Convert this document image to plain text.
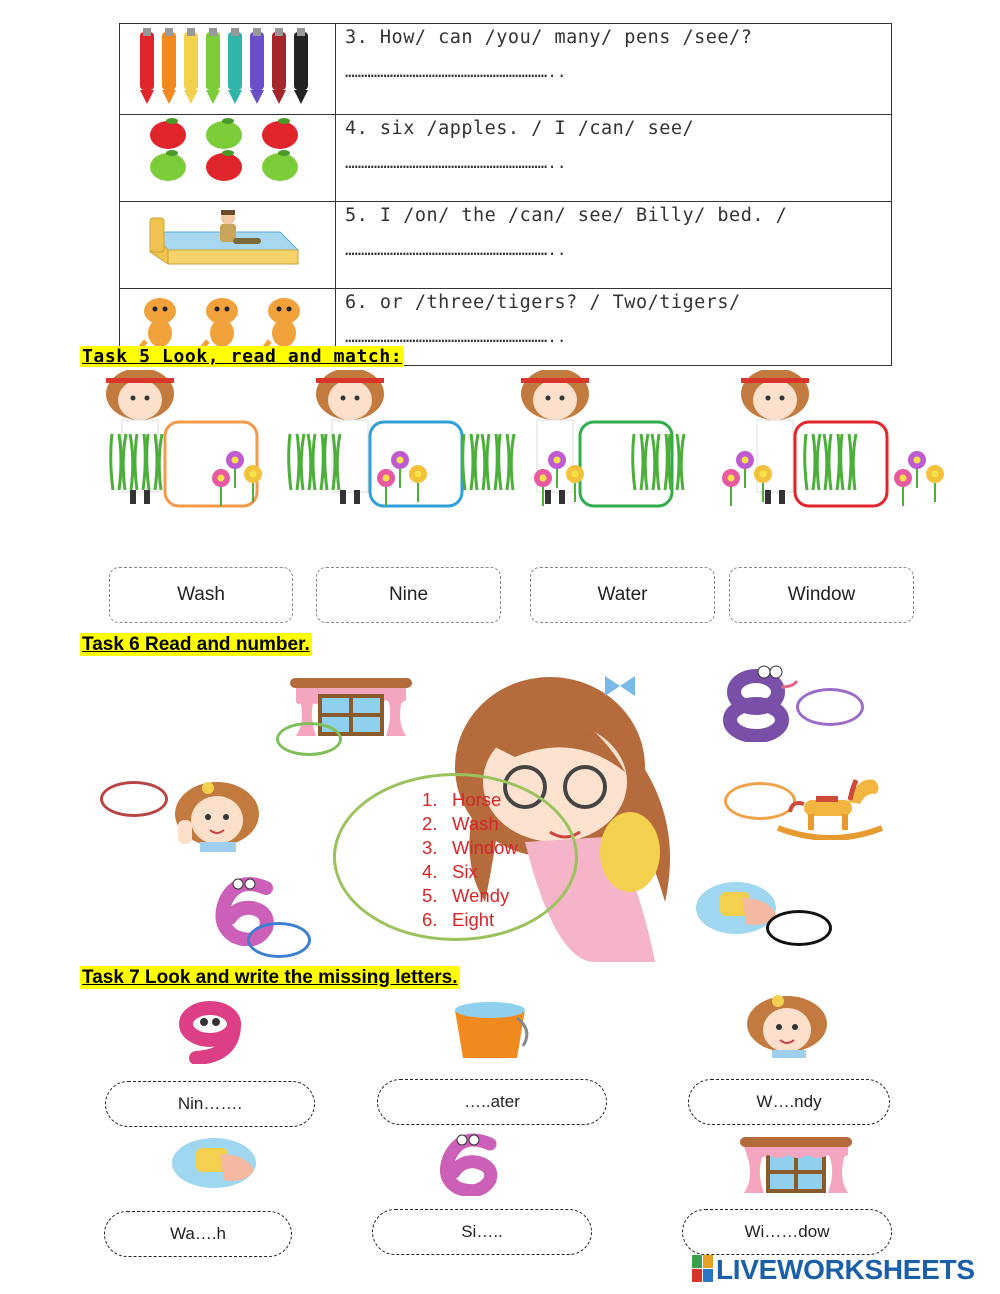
	3. How/ can /you/ many/ pens /see/?
………………………………………………………..

	4. six /apples. / I /can/ see/
………………………………………………………..

	5. I /on/ the /can/ see/ Billy/ bed. /
………………………………………………………..

	6. or /three/tigers? / Two/tigers/
………………………………………………………..
Task 5 Look, read and match:
Wash	Nine	Water	Window
Task 6 Read and number.
1. Horse
2. Wash
3. Window
4. Six
5. Wendy
6. Eight
Task 7 Look and write the missing letters.
Nin…….	…..ater	W….ndy
Wa….h	Si…..	Wi……dow
LIVEWORKSHEETS
